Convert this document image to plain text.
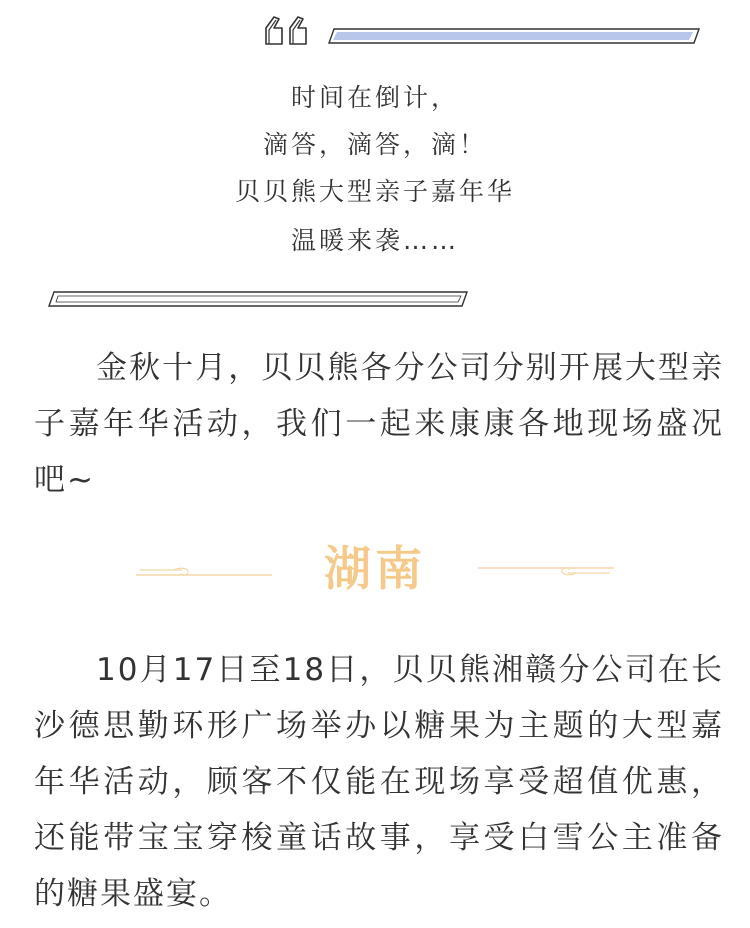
时间在倒计，
滴答，滴答，滴！
贝贝熊大型亲子嘉年华
温暖来袭……
金秋十月，贝贝熊各分公司分别开展大型亲子嘉年华活动，我们一起来康康各地现场盛况吧~
湖南
10月17日至18日，贝贝熊湘赣分公司在长沙德思勤环形广场举办以糖果为主题的大型嘉年华活动，顾客不仅能在现场享受超值优惠，还能带宝宝穿梭童话故事，享受白雪公主准备的糖果盛宴。
